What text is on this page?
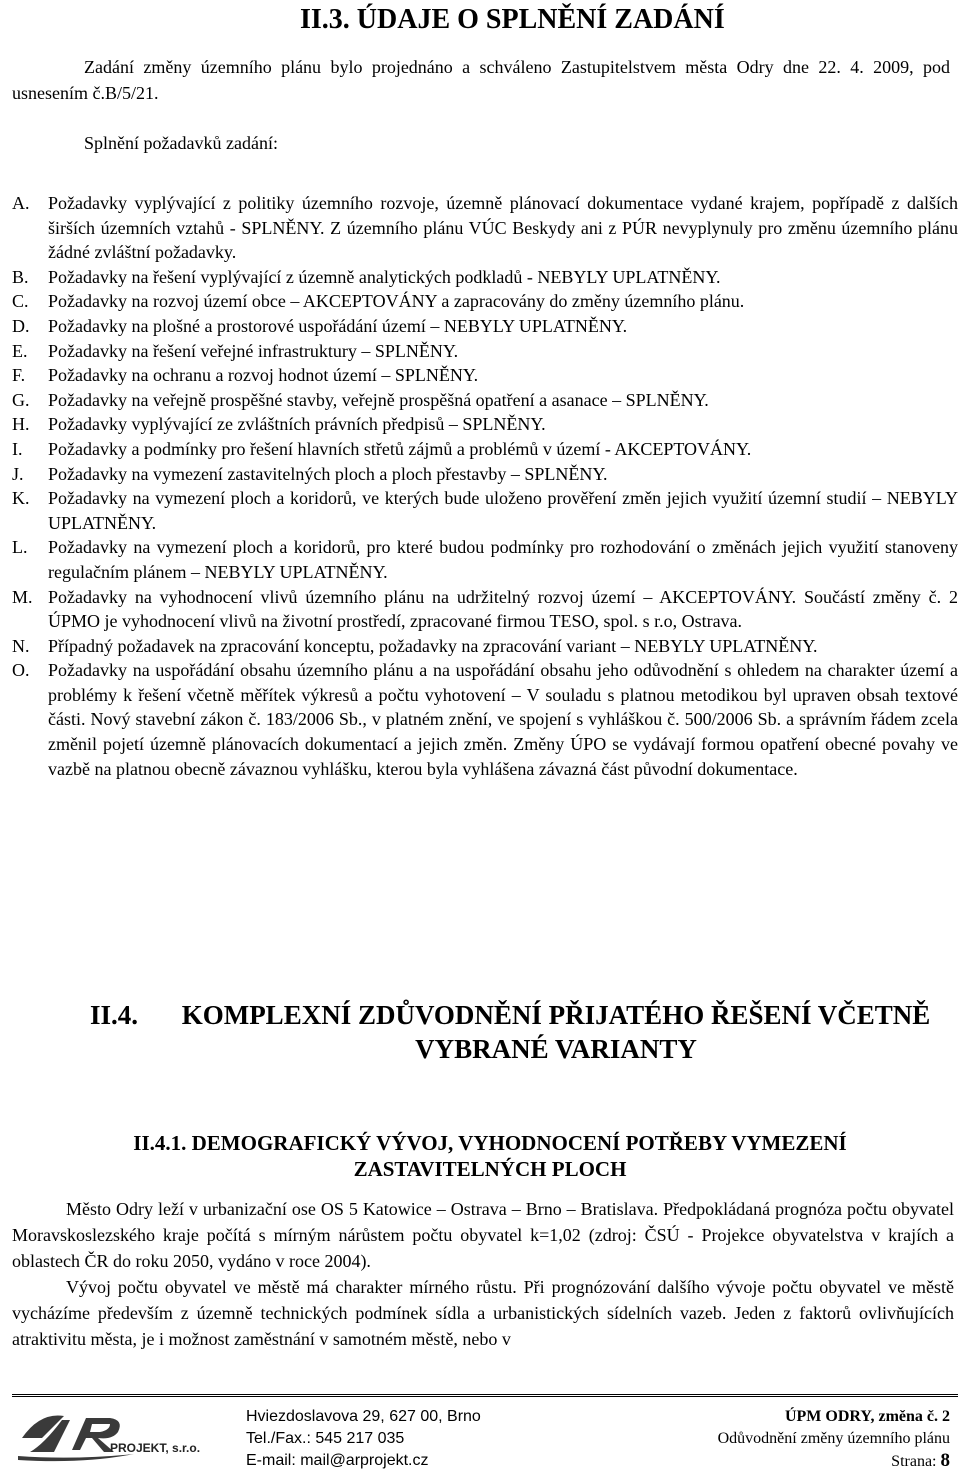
II.3. ÚDAJE O SPLNĚNÍ ZADÁNÍ
Zadání změny územního plánu bylo projednáno a schváleno Zastupitelstvem města Odry dne 22. 4. 2009, pod usnesením č.B/5/21.
Splnění požadavků zadání:
A. Požadavky vyplývající z politiky územního rozvoje, územně plánovací dokumentace vydané krajem, popřípadě z dalších širších územních vztahů - SPLNĚNY. Z územního plánu VÚC Beskydy ani z PÚR nevyplynuly pro změnu územního plánu žádné zvláštní požadavky.
B. Požadavky na řešení vyplývající z územně analytických podkladů - NEBYLY UPLATNĚNY.
C. Požadavky na rozvoj území obce – AKCEPTOVÁNY a zapracovány do změny územního plánu.
D. Požadavky na plošné a prostorové uspořádání území – NEBYLY UPLATNĚNY.
E. Požadavky na řešení veřejné infrastruktury – SPLNĚNY.
F. Požadavky na ochranu a rozvoj hodnot území – SPLNĚNY.
G. Požadavky na veřejně prospěšné stavby, veřejně prospěšná opatření a asanace – SPLNĚNY.
H. Požadavky vyplývající ze zvláštních právních předpisů – SPLNĚNY.
I. Požadavky a podmínky pro řešení hlavních střetů zájmů a problémů v území - AKCEPTOVÁNY.
J. Požadavky na vymezení zastavitelných ploch a ploch přestavby – SPLNĚNY.
K. Požadavky na vymezení ploch a koridorů, ve kterých bude uloženo prověření změn jejich využití územní studií – NEBYLY UPLATNĚNY.
L. Požadavky na vymezení ploch a koridorů, pro které budou podmínky pro rozhodování o změnách jejich využití stanoveny regulačním plánem – NEBYLY UPLATNĚNY.
M. Požadavky na vyhodnocení vlivů územního plánu na udržitelný rozvoj území – AKCEPTOVÁNY. Součástí změny č. 2 ÚPMO je vyhodnocení vlivů na životní prostředí, zpracované firmou TESO, spol. s r.o, Ostrava.
N. Případný požadavek na zpracování konceptu, požadavky na zpracování variant – NEBYLY UPLATNĚNY.
O. Požadavky na uspořádání obsahu územního plánu a na uspořádání obsahu jeho odůvodnění s ohledem na charakter území a problémy k řešení včetně měřítek výkresů a počtu vyhotovení – V souladu s platnou metodikou byl upraven obsah textové části. Nový stavební zákon č. 183/2006 Sb., v platném znění, ve spojení s vyhláškou č. 500/2006 Sb. a správním řádem zcela změnil pojetí územně plánovacích dokumentací a jejich změn. Změny ÚPO se vydávají formou opatření obecné povahy ve vazbě na platnou obecně závaznou vyhlášku, kterou byla vyhlášena závazná část původní dokumentace.
II.4.	KOMPLEXNÍ ZDŮVODNĚNÍ PŘIJATÉHO ŘEŠENÍ VČETNĚ VYBRANÉ VARIANTY
II.4.1. DEMOGRAFICKÝ VÝVOJ, VYHODNOCENÍ POTŘEBY VYMEZENÍ ZASTAVITELNÝCH PLOCH

Město Odry leží v urbanizační ose OS 5 Katowice – Ostrava – Brno – Bratislava. Předpokládaná prognóza počtu obyvatel Moravskoslezského kraje počítá s mírným nárůstem počtu obyvatel k=1,02 (zdroj: ČSÚ - Projekce obyvatelstva v krajích a oblastech ČR do roku 2050, vydáno v roce 2004).

Vývoj počtu obyvatel ve městě má charakter mírného růstu. Při prognózování dalšího vývoje počtu obyvatel ve městě vycházíme především z územně technických podmínek sídla a urbanistických sídelních vazeb. Jeden z faktorů ovlivňujících atraktivitu města, je i možnost zaměstnání v samotném městě, nebo v

PROJEKT, s.r.o.
Hviezdoslavova 29, 627 00, Brno
Tel./Fax.: 545 217 035
E-mail: mail@arprojekt.cz
ÚPM ODRY, změna č. 2
Odůvodnění změny územního plánu
Strana: 8
